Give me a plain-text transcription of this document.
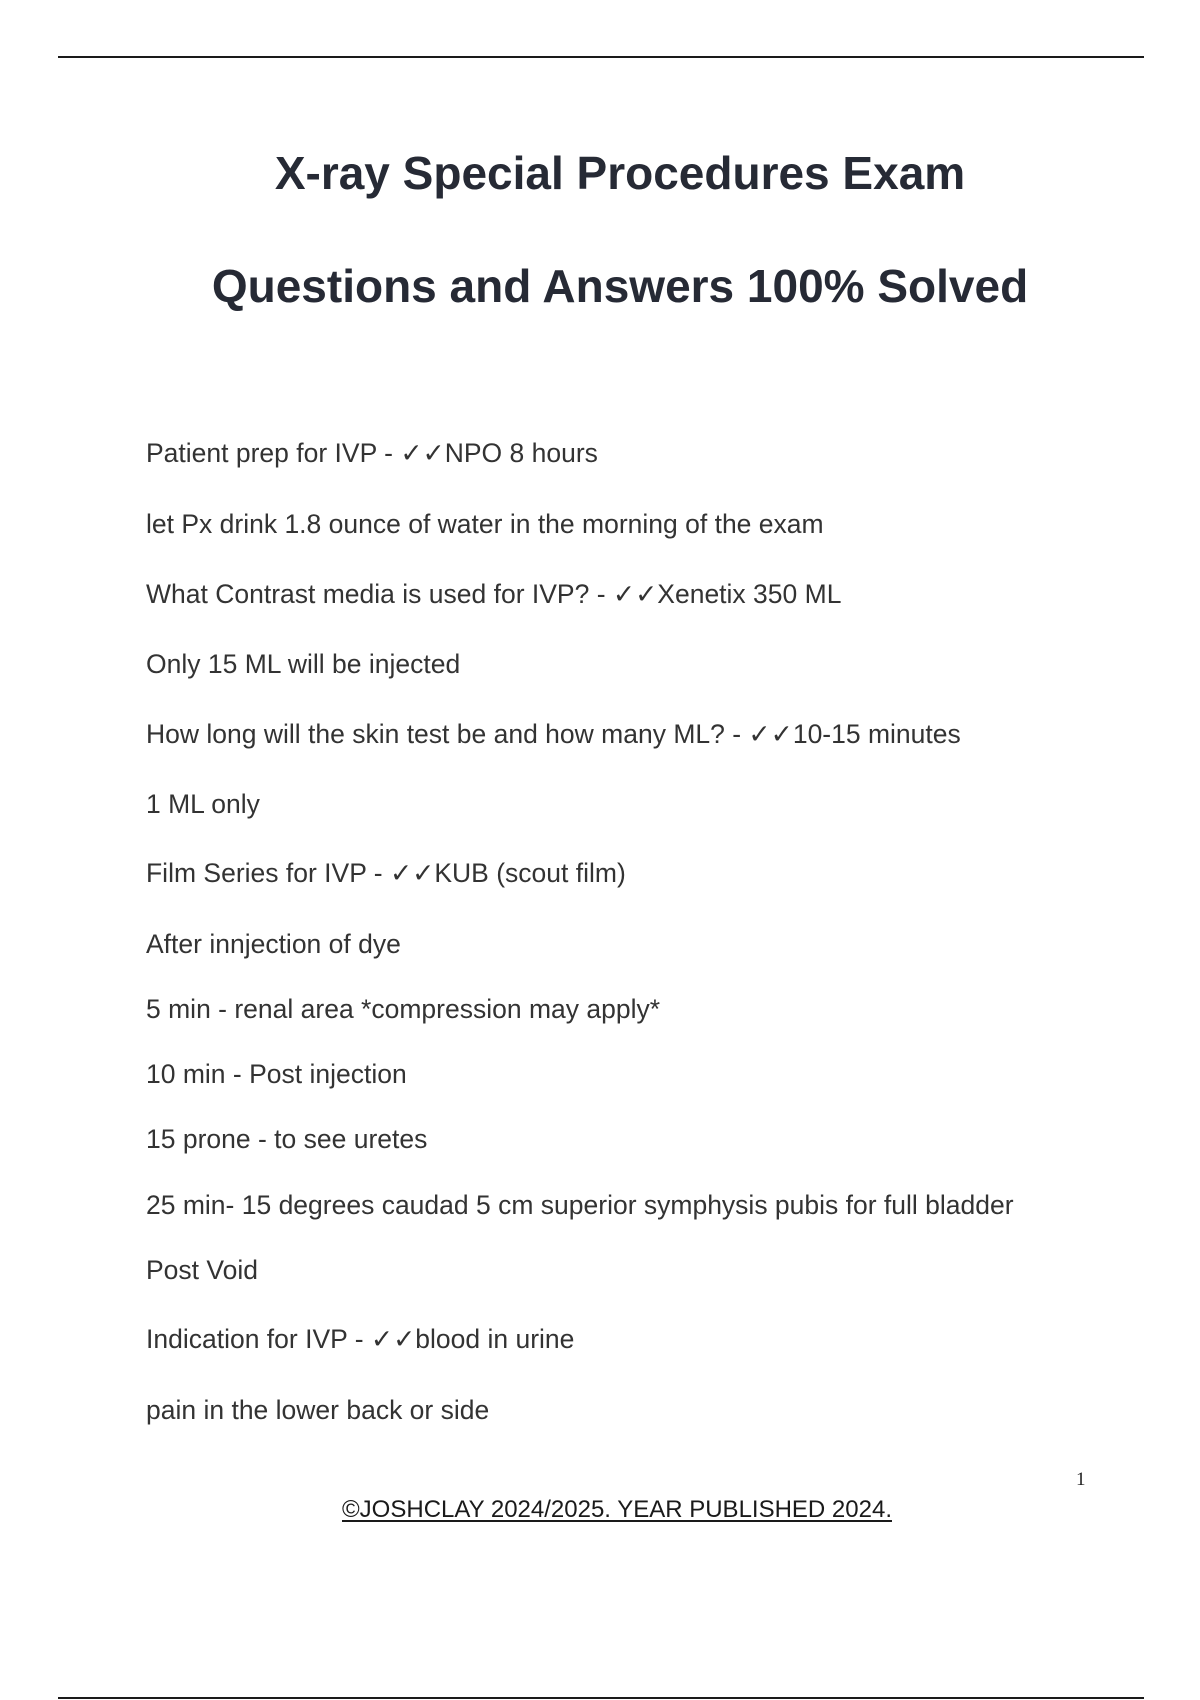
X-ray Special Procedures Exam
Questions and Answers 100% Solved
Patient prep for IVP - ✓✓NPO 8 hours
let Px drink 1.8 ounce of water in the morning of the exam
What Contrast media is used for IVP? - ✓✓Xenetix 350 ML
Only 15 ML will be injected
How long will the skin test be and how many ML? - ✓✓10-15 minutes
1 ML only
Film Series for IVP - ✓✓KUB (scout film)
After innjection of dye
5 min - renal area *compression may apply*
10 min - Post injection
15 prone - to see uretes
25 min- 15 degrees caudad 5 cm superior symphysis pubis for full bladder
Post Void
Indication for IVP - ✓✓blood in urine
pain in the lower back or side
1
©JOSHCLAY 2024/2025. YEAR PUBLISHED 2024.
